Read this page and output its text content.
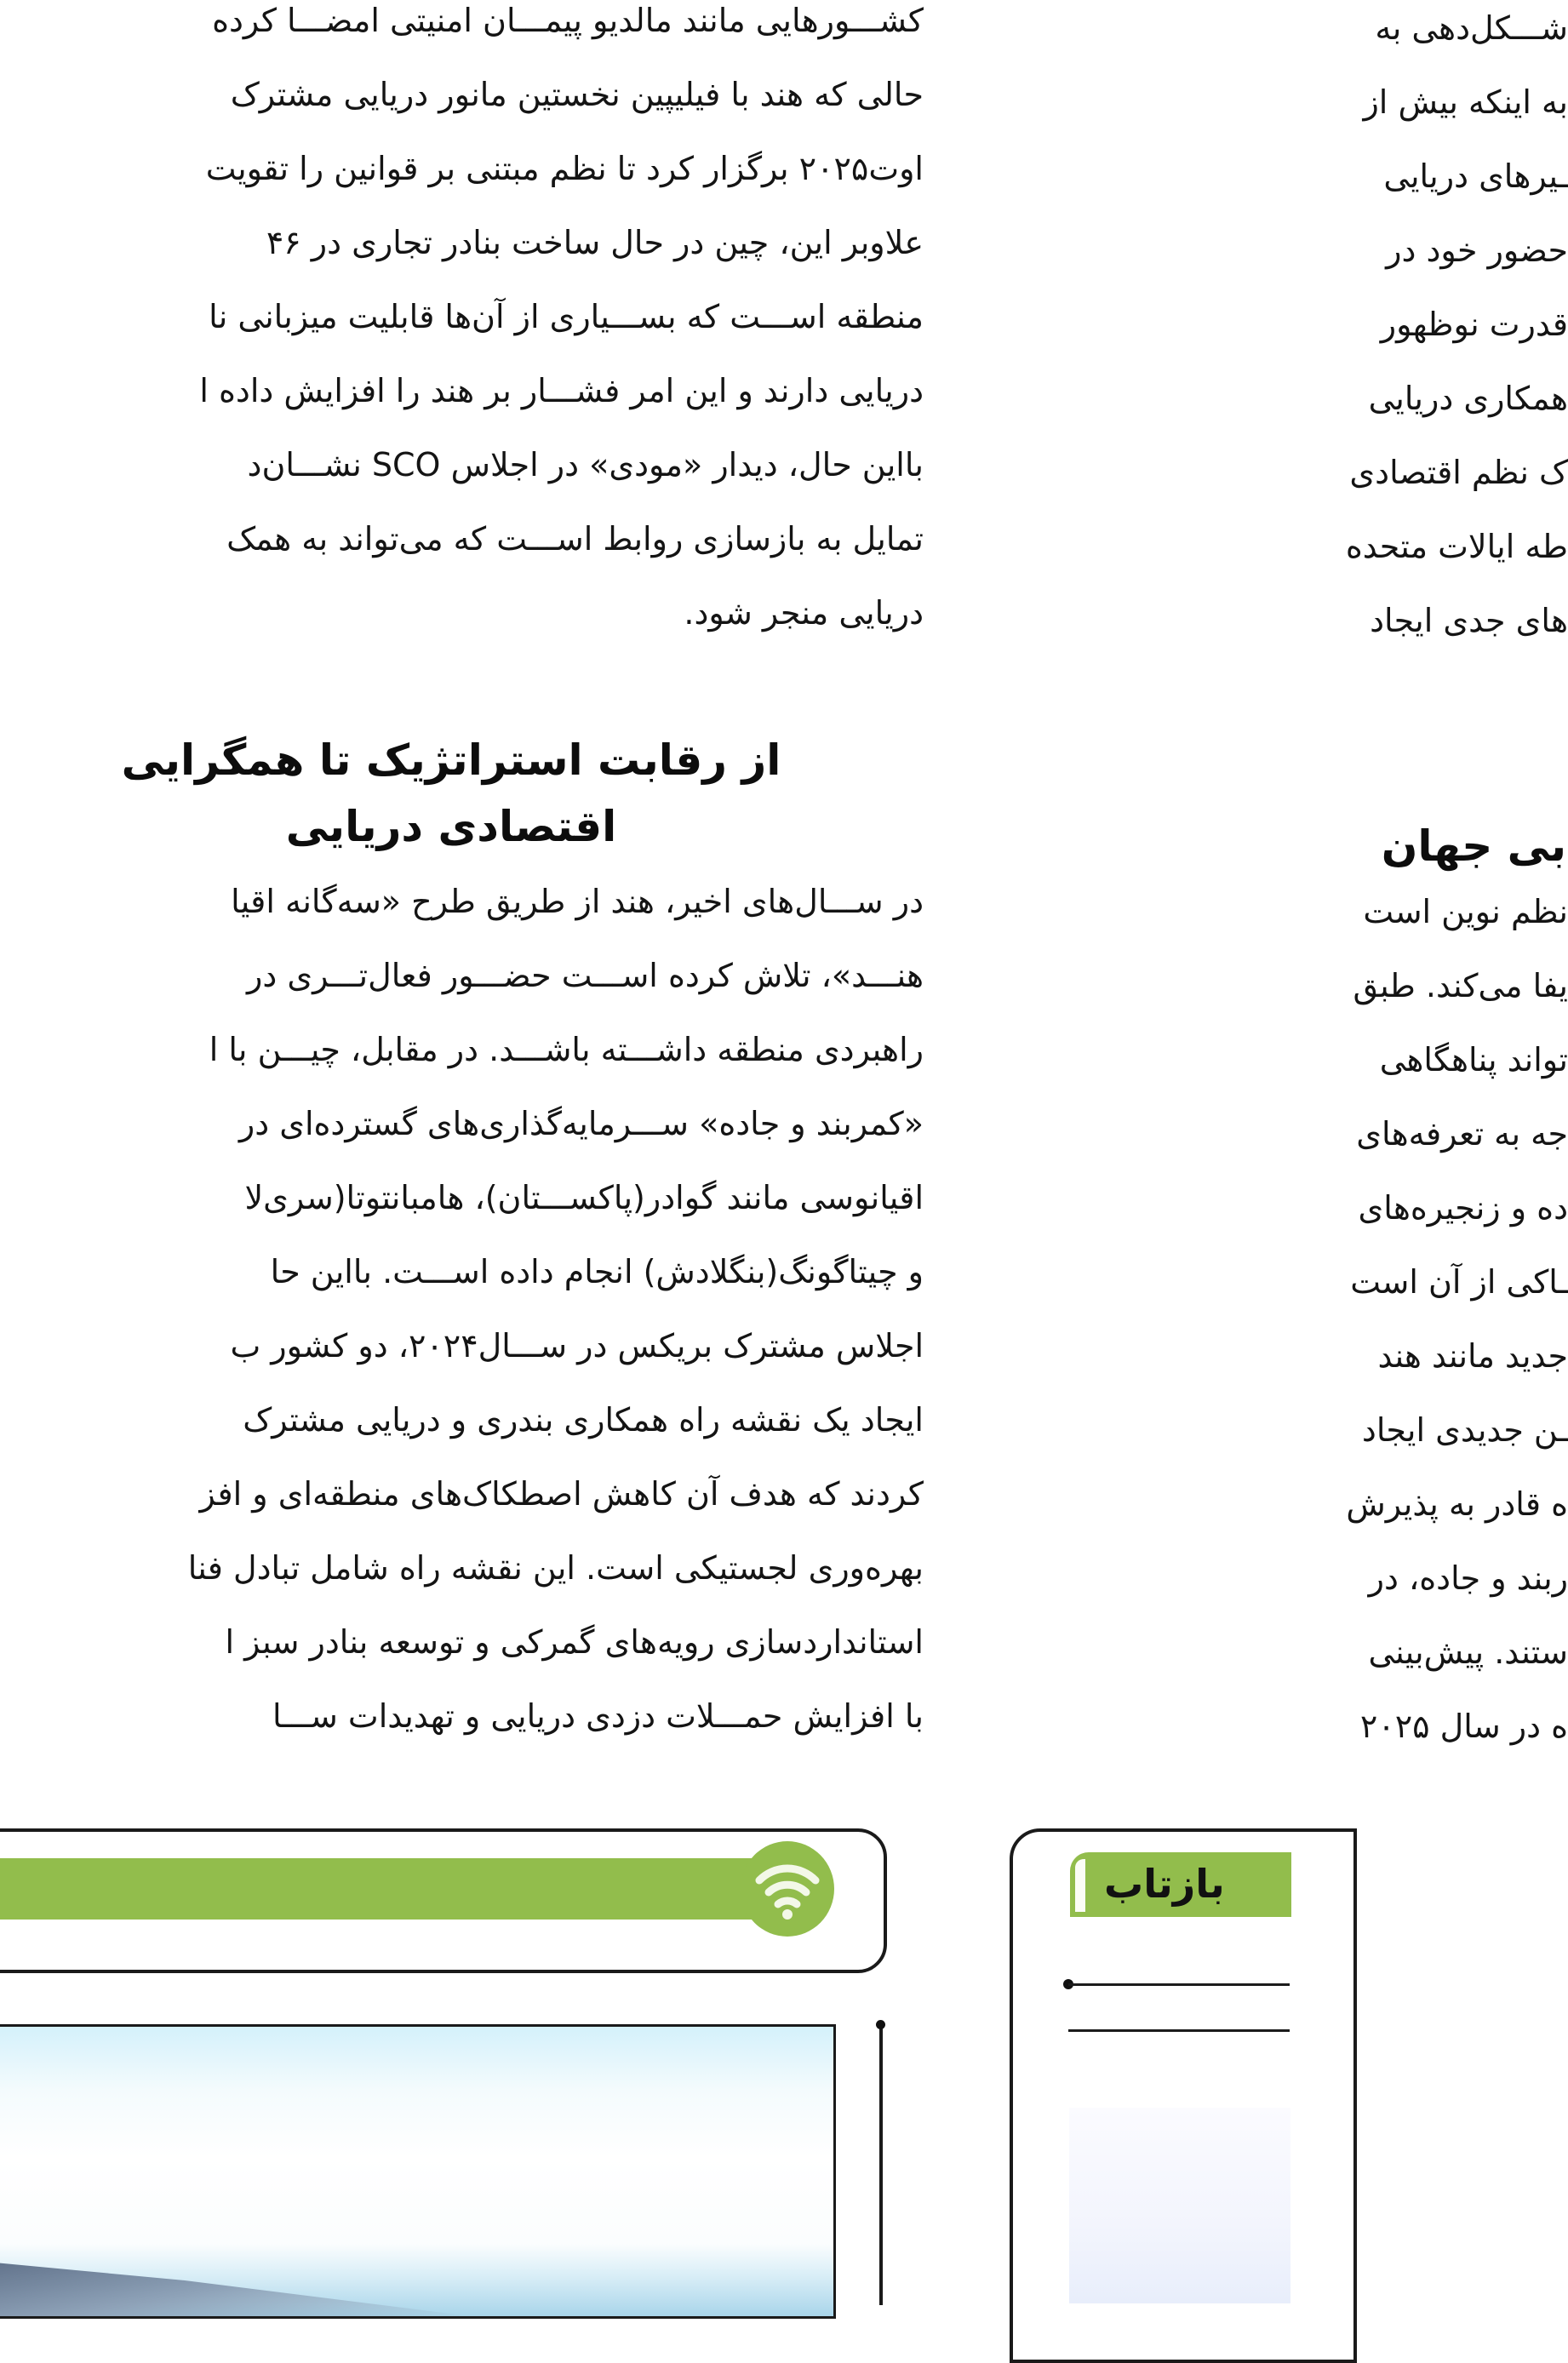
کشـــورهایی مانند مالدیو پیمـــان امنیتی امضـــا کرده
حالی که هند با فیلیپین نخستین مانور دریایی مشترک
اوت۲۰۲۵ برگزار کرد تا نظم مبتنی بر قوانین را تقویت
علاوبر این، چین در حال ساخت بنادر تجاری در ۴۶
منطقه اســـت که بســـیاری از آن‌ها قابلیت میزبانی نا
دریایی دارند و این امر فشـــار بر هند را افزایش داده ا
بااین حال، دیدار «مودی» در اجلاس SCO نشـــان‌د
تمایل به بازسازی روابط اســـت که می‌تواند به همک
دریایی منجر شود.
از رقابت استراتژیک تا همگرایی
اقتصادی دریایی
در ســـال‌های اخیر، هند از طریق طرح «سه‌گانه اقیا
هنـــد»، تلاش کرده اســـت حضـــور فعال‌تـــری در
راهبردی منطقه داشـــته باشـــد. در مقابل، چیـــن با ا
«کمربند و جاده» ســـرمایه‌گذاری‌های گسترده‌ای در
اقیانوسی مانند گوادر(پاکســـتان)، هامبانتوتا(سری‌لا
و چیتاگونگ(بنگلادش) انجام داده اســـت. بااین حا
اجلاس مشترک بریکس در ســـال۲۰۲۴، دو کشور ب
ایجاد یک نقشه راه همکاری بندری و دریایی مشترک
کردند که هدف آن کاهش اصطکاک‌های منطقه‌ای و افز
بهره‌وری لجستیکی است. این نقشه راه شامل تبادل فنا
استانداردسازی رویه‌های گمرکی و توسعه بنادر سبز ا
با افزایش حمـــلات دزدی دریایی و تهدیدات ســـا
شـــکل‌دهی به
به اینکه بیش از
ـیرهای دریایی
حضور خود در
قدرت نوظهور
همکاری دریایی
ک نظم اقتصادی
طه ایالات متحده
های جدی ایجاد
بی جهان
نظم نوین است
یفا می‌کند. طبق
تواند پناهگاهی
جه به تعرفه‌های
ده و زنجیره‌های
ـاکی از آن است
جدید مانند هند
ـن جدیدی ایجاد
ه قادر به پذیرش
ربند و جاده، در
ستند. پیش‌بینی
ه در سال ۲۰۲۵
بازتاب
